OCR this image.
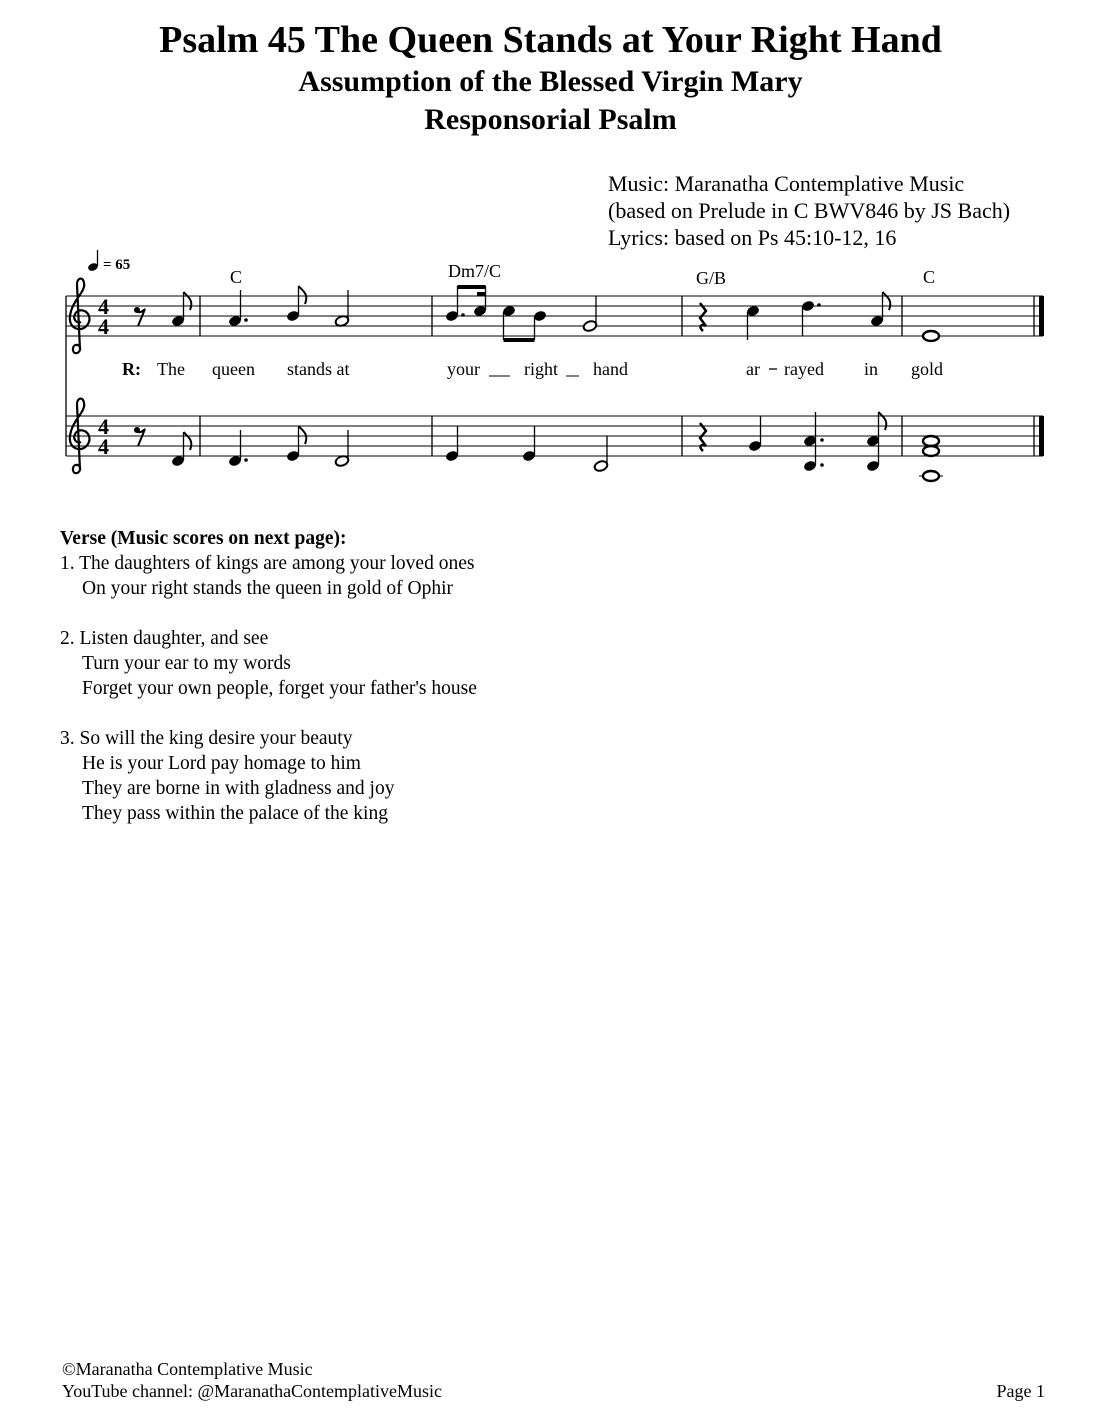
Psalm 45 The Queen Stands at Your Right Hand
Assumption of the Blessed Virgin Mary
Responsorial Psalm
Music: Maranatha Contemplative Music
(based on Prelude in C BWV846 by JS Bach)
Lyrics: based on Ps 45:10-12, 16
= 65
C	Dm7/C	G/B	C
4
4
R: The queen stands at	your right hand	ar rayed in gold
4
4
Verse (Music scores on next page):
1. The daughters of kings are among your loved ones
On your right stands the queen in gold of Ophir
2. Listen daughter, and see
Turn your ear to my words
Forget your own people, forget your father's house
3. So will the king desire your beauty
He is your Lord pay homage to him
They are borne in with gladness and joy
They pass within the palace of the king
©Maranatha Contemplative Music
YouTube channel: @MaranathaContemplativeMusic	Page 1
